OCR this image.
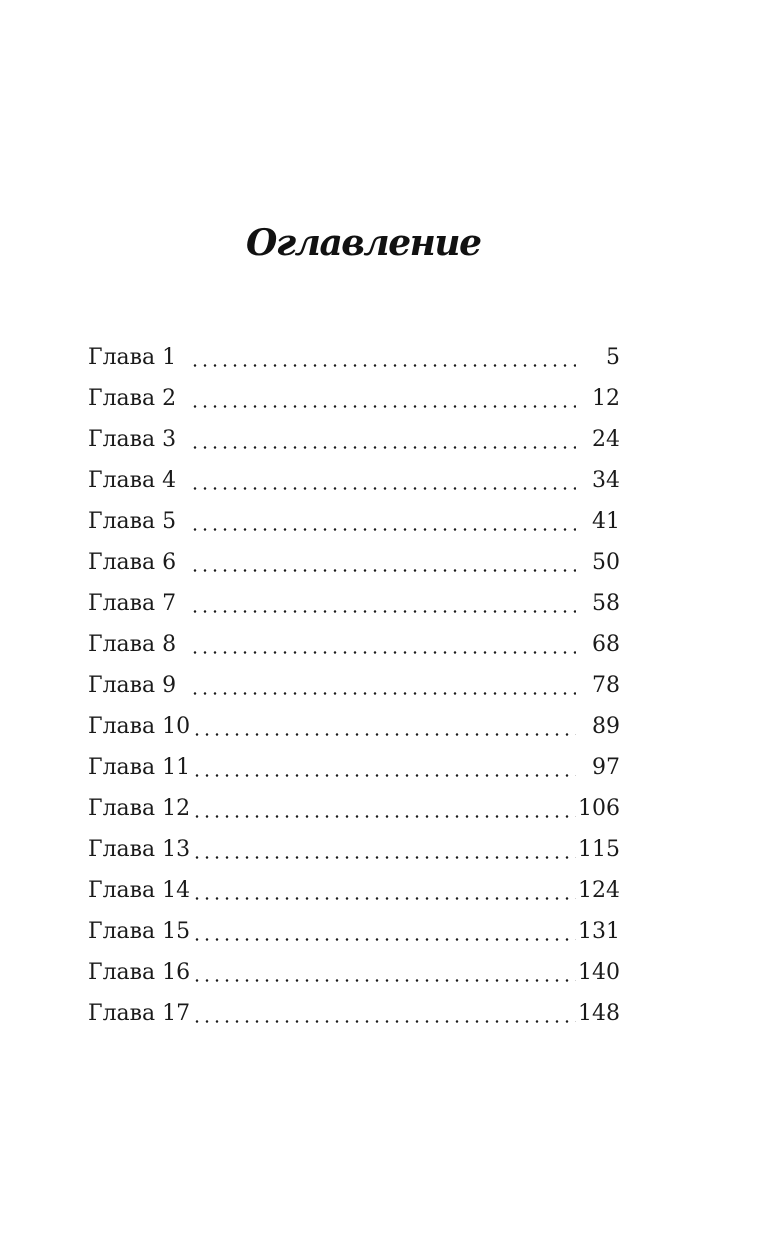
Оглавление
Глава 1	5
Глава 2	12
Глава 3	24
Глава 4	34
Глава 5	41
Глава 6	50
Глава 7	58
Глава 8	68
Глава 9	78
Глава 10	89
Глава 11	97
Глава 12	106
Глава 13	115
Глава 14	124
Глава 15	131
Глава 16	140
Глава 17	148
